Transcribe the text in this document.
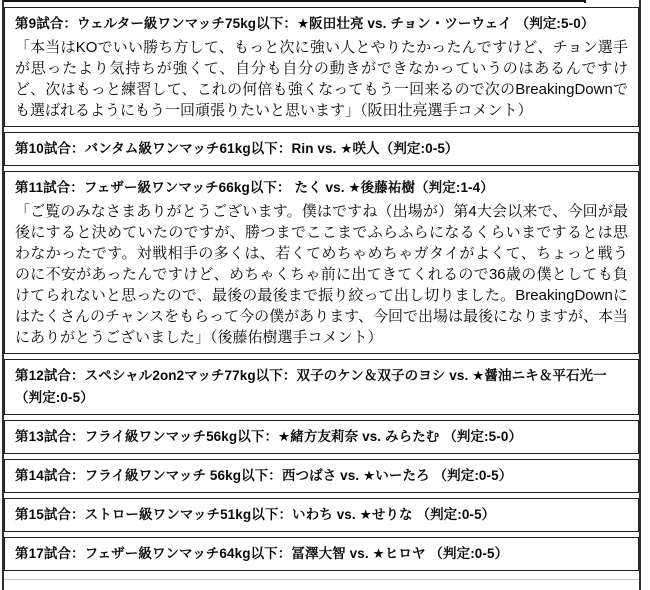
第9試合：ウェルター級ワンマッチ75kg以下：★阪田壮亮 vs. チョン・ツーウェイ （判定:5-0）

「本当はKOでいい勝ち方して、もっと次に強い人とやりたかったんですけど、チョン選手が思ったより気持ちが強くて、自分も自分の動きができなかっていうのはあるんですけど、次はもっと練習して、これの何倍も強くなってもう一回来るので次のBreakingDownでも選ばれるようにもう一回頑張りたいと思います」（阪田壮亮選手コメント）

第10試合：バンタム級ワンマッチ61kg以下：Rin vs. ★咲人（判定:0-5）

第11試合：フェザー級ワンマッチ66kg以下： たく vs. ★後藤祐樹（判定:1-4）

「ご覧のみなさまありがとうございます。僕はですね（出場が）第4大会以来で、今回が最後にすると決めていたのですが、勝つまでここまでふらふらになるくらいまでするとは思わなかったです。対戦相手の多くは、若くてめちゃめちゃガタイがよくて、ちょっと戦うのに不安があったんですけど、めちゃくちゃ前に出てきてくれるので36歳の僕としても負けてられないと思ったので、最後の最後まで振り絞って出し切りました。BreakingDownにはたくさんのチャンスをもらって今の僕があります、今回で出場は最後になりますが、本当にありがとうございました」（後藤佑樹選手コメント）

第12試合：スペシャル2on2マッチ77kg以下：双子のケン＆双子のヨシ vs. ★醤油ニキ＆平石光一 （判定:0-5）

第13試合：フライ級ワンマッチ56kg以下：★緒方友莉奈 vs. みらたむ （判定:5-0）

第14試合：フライ級ワンマッチ 56kg以下：西つばさ vs. ★いーたろ （判定:0-5）

第15試合：ストロー級ワンマッチ51kg以下：いわち vs. ★せりな （判定:0-5）

第17試合：フェザー級ワンマッチ64kg以下：冨澤大智 vs. ★ヒロヤ （判定:0-5）
